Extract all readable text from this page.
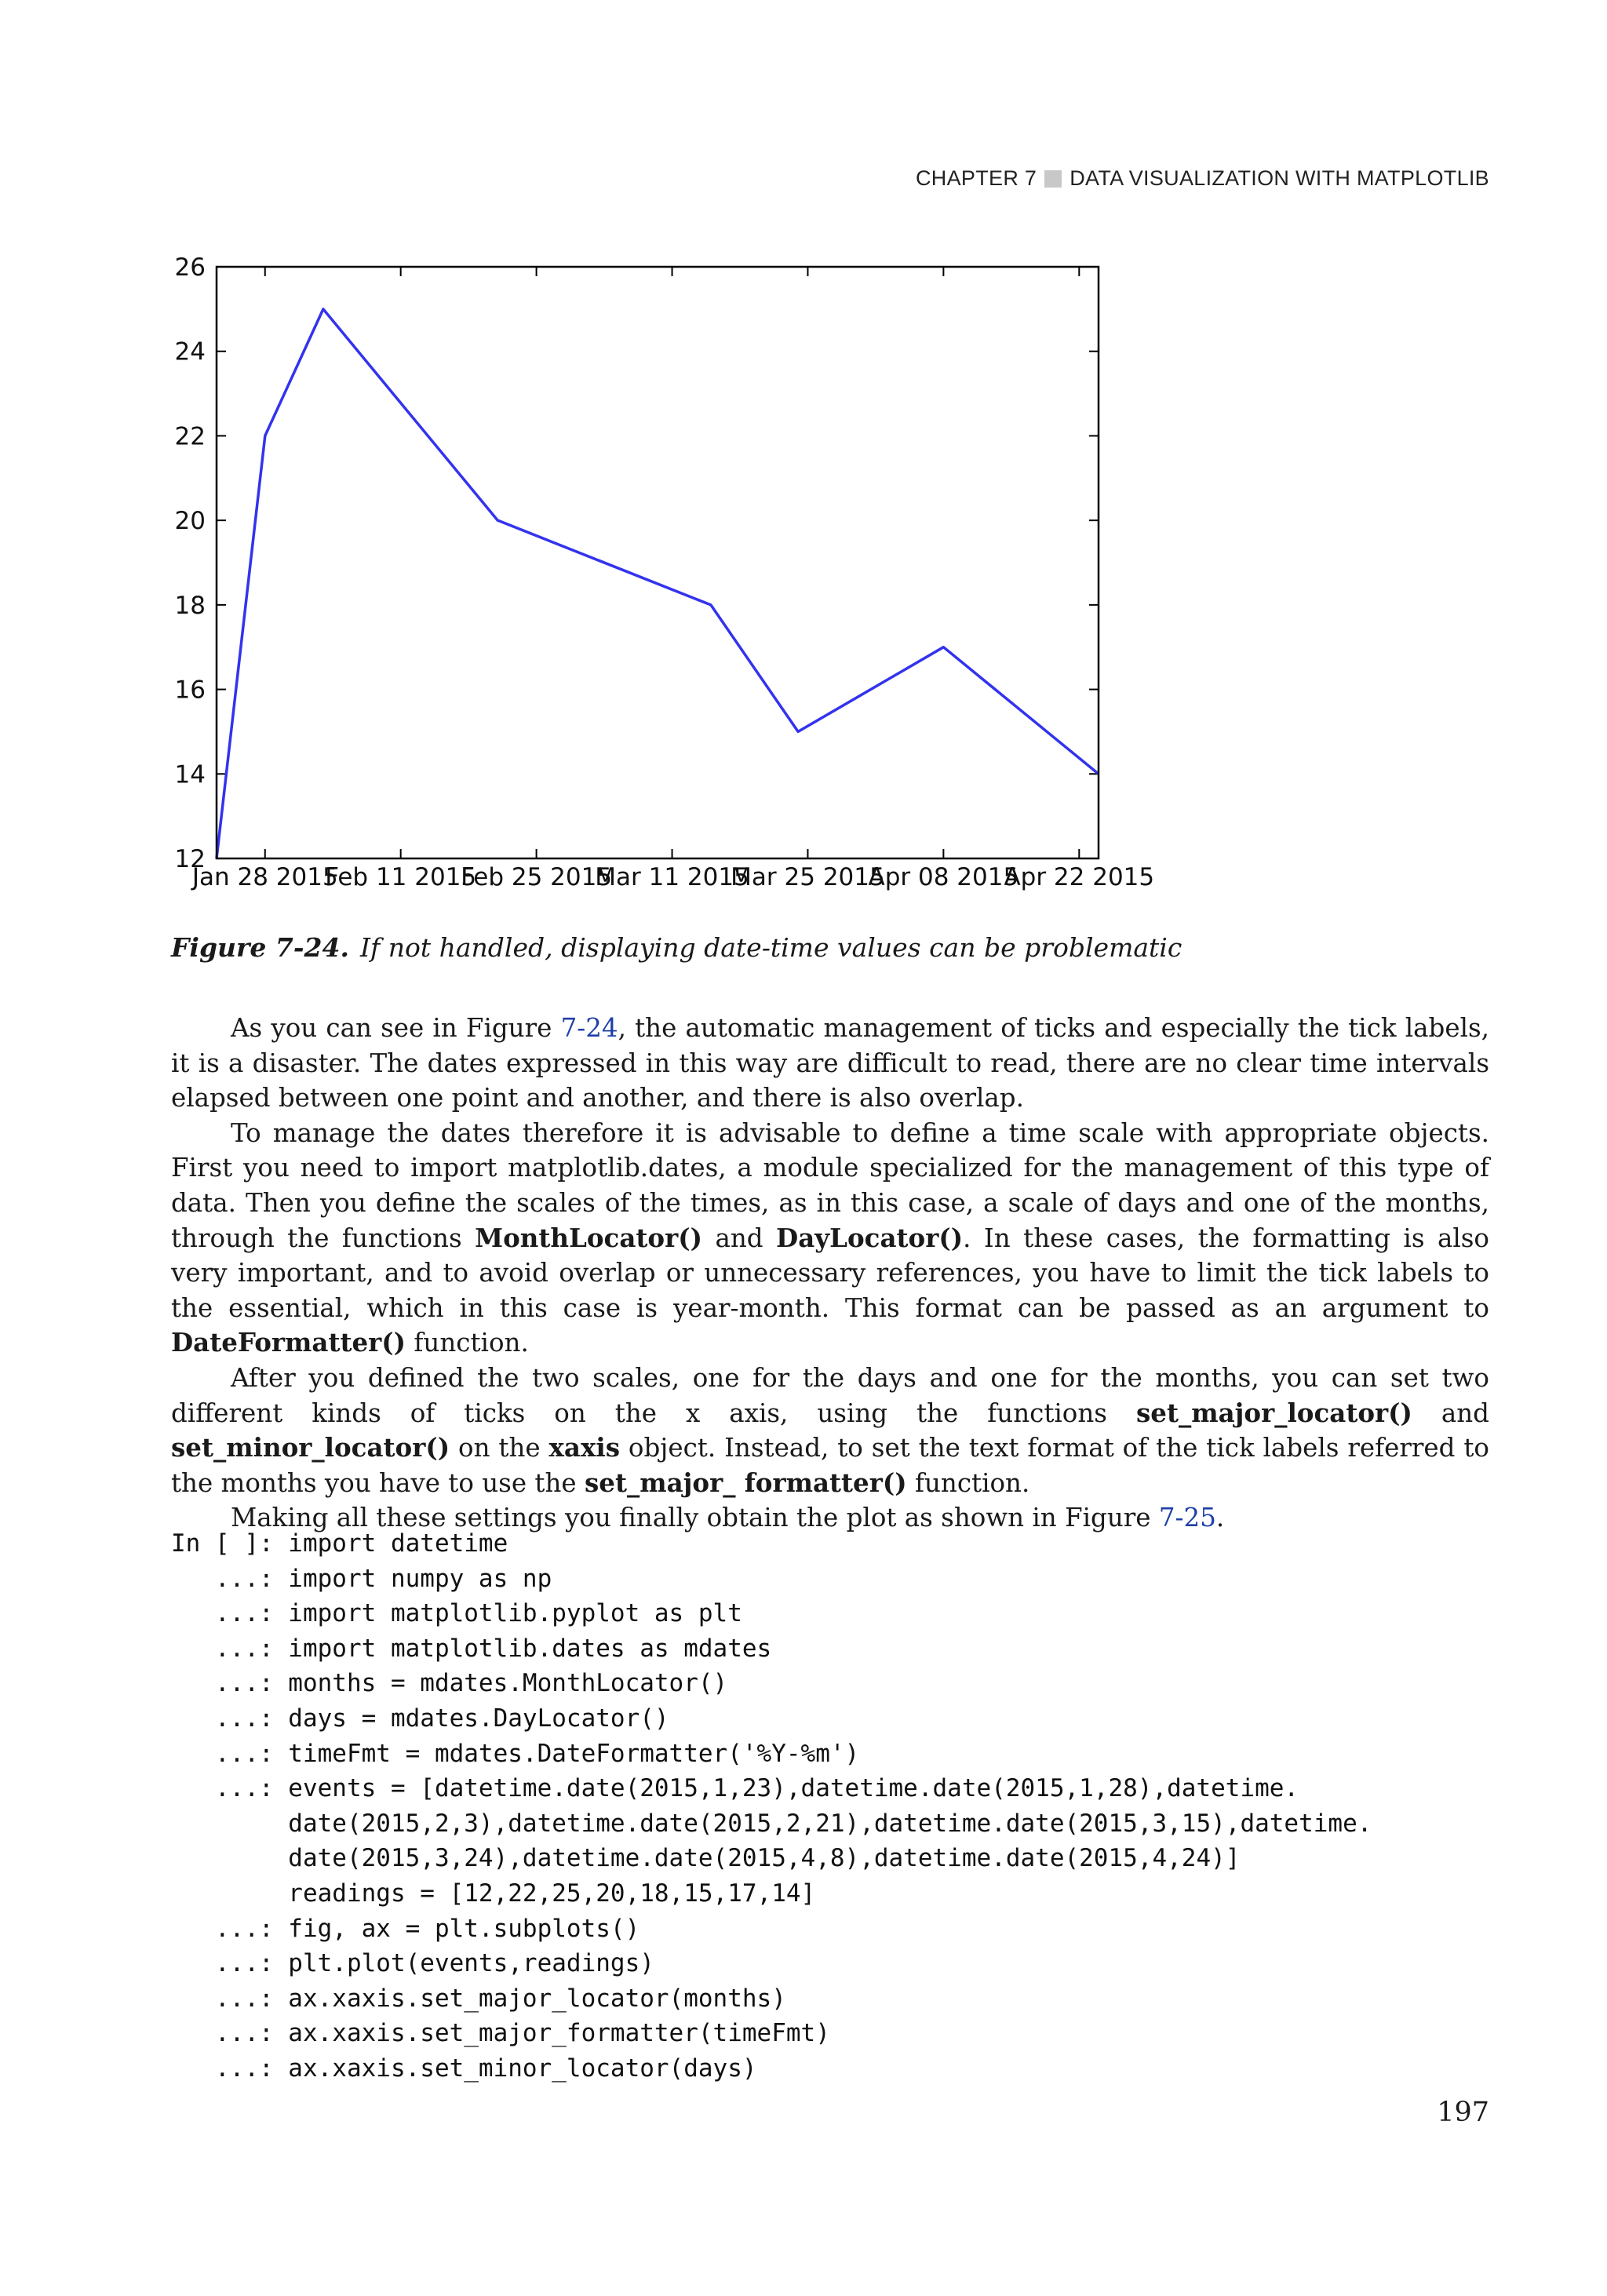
CHAPTER 7 DATA VISUALIZATION WITH MATPLOTLIB
12
14
16
18
20
22
24
26
Jan 28 2015
Feb 11 2015
Feb 25 2015
Mar 11 2015
Mar 25 2015
Apr 08 2015
Apr 22 2015
Figure 7-24. If not handled, displaying date-time values can be problematic

As you can see in Figure 7-24, the automatic management of ticks and especially the tick labels, it is a disaster. The dates expressed in this way are difficult to read, there are no clear time intervals elapsed between one point and another, and there is also overlap.

To manage the dates therefore it is advisable to define a time scale with appropriate objects. First you need to import matplotlib.dates, a module specialized for the management of this type of data. Then you define the scales of the times, as in this case, a scale of days and one of the months, through the functions MonthLocator() and DayLocator(). In these cases, the formatting is also very important, and to avoid overlap or unnecessary references, you have to limit the tick labels to the essential, which in this case is year-month. This format can be passed as an argument to DateFormatter() function.

After you defined the two scales, one for the days and one for the months, you can set two different kinds of ticks on the x axis, using the functions set_major_locator() and set_minor_locator() on the xaxis object. Instead, to set the text format of the tick labels referred to the months you have to use the set_major_ formatter() function.

Making all these settings you finally obtain the plot as shown in Figure 7-25.

In [ ]: import datetime
...: import numpy as np
...: import matplotlib.pyplot as plt
...: import matplotlib.dates as mdates
...: months = mdates.MonthLocator()
...: days = mdates.DayLocator()
...: timeFmt = mdates.DateFormatter('%Y-%m')
...: events = [datetime.date(2015,1,23),datetime.date(2015,1,28),datetime.
date(2015,2,3),datetime.date(2015,2,21),datetime.date(2015,3,15),datetime.
date(2015,3,24),datetime.date(2015,4,8),datetime.date(2015,4,24)]
readings = [12,22,25,20,18,15,17,14]
...: fig, ax = plt.subplots()
...: plt.plot(events,readings)
...: ax.xaxis.set_major_locator(months)
...: ax.xaxis.set_major_formatter(timeFmt)
...: ax.xaxis.set_minor_locator(days)
197
